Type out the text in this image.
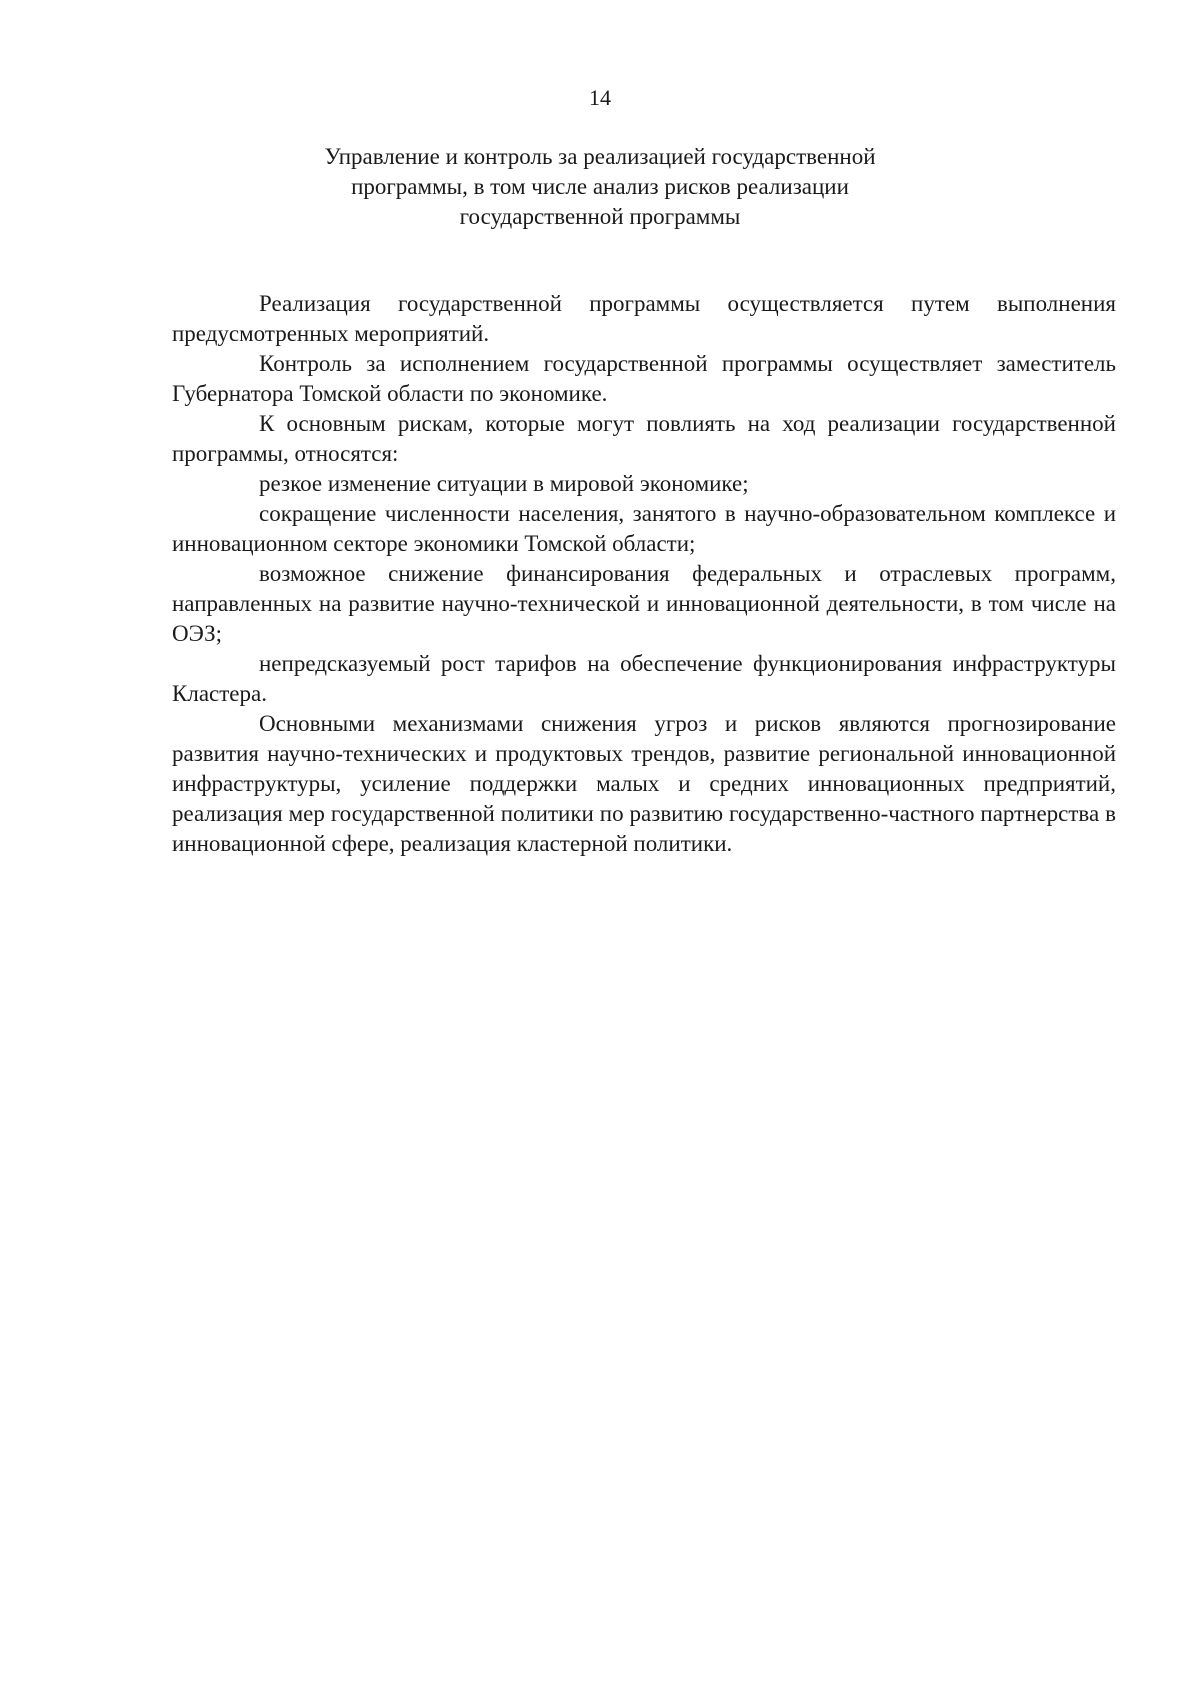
14
Управление и контроль за реализацией государственной
программы, в том числе анализ рисков реализации
государственной программы

Реализация государственной программы осуществляется путем выполнения предусмотренных мероприятий.

Контроль за исполнением государственной программы осуществляет заместитель Губернатора Томской области по экономике.

К основным рискам, которые могут повлиять на ход реализации государственной программы, относятся:

резкое изменение ситуации в мировой экономике;

сокращение численности населения, занятого в научно-образовательном комплексе и инновационном секторе экономики Томской области;

возможное снижение финансирования федеральных и отраслевых программ, направленных на развитие научно-технической и инновационной деятельности, в том числе на ОЭЗ;

непредсказуемый рост тарифов на обеспечение функционирования инфраструктуры Кластера.

Основными механизмами снижения угроз и рисков являются прогнозирование развития научно-технических и продуктовых трендов, развитие региональной инновационной инфраструктуры, усиление поддержки малых и средних инновационных предприятий, реализация мер государственной политики по развитию государственно-частного партнерства в инновационной сфере, реализация кластерной политики.
